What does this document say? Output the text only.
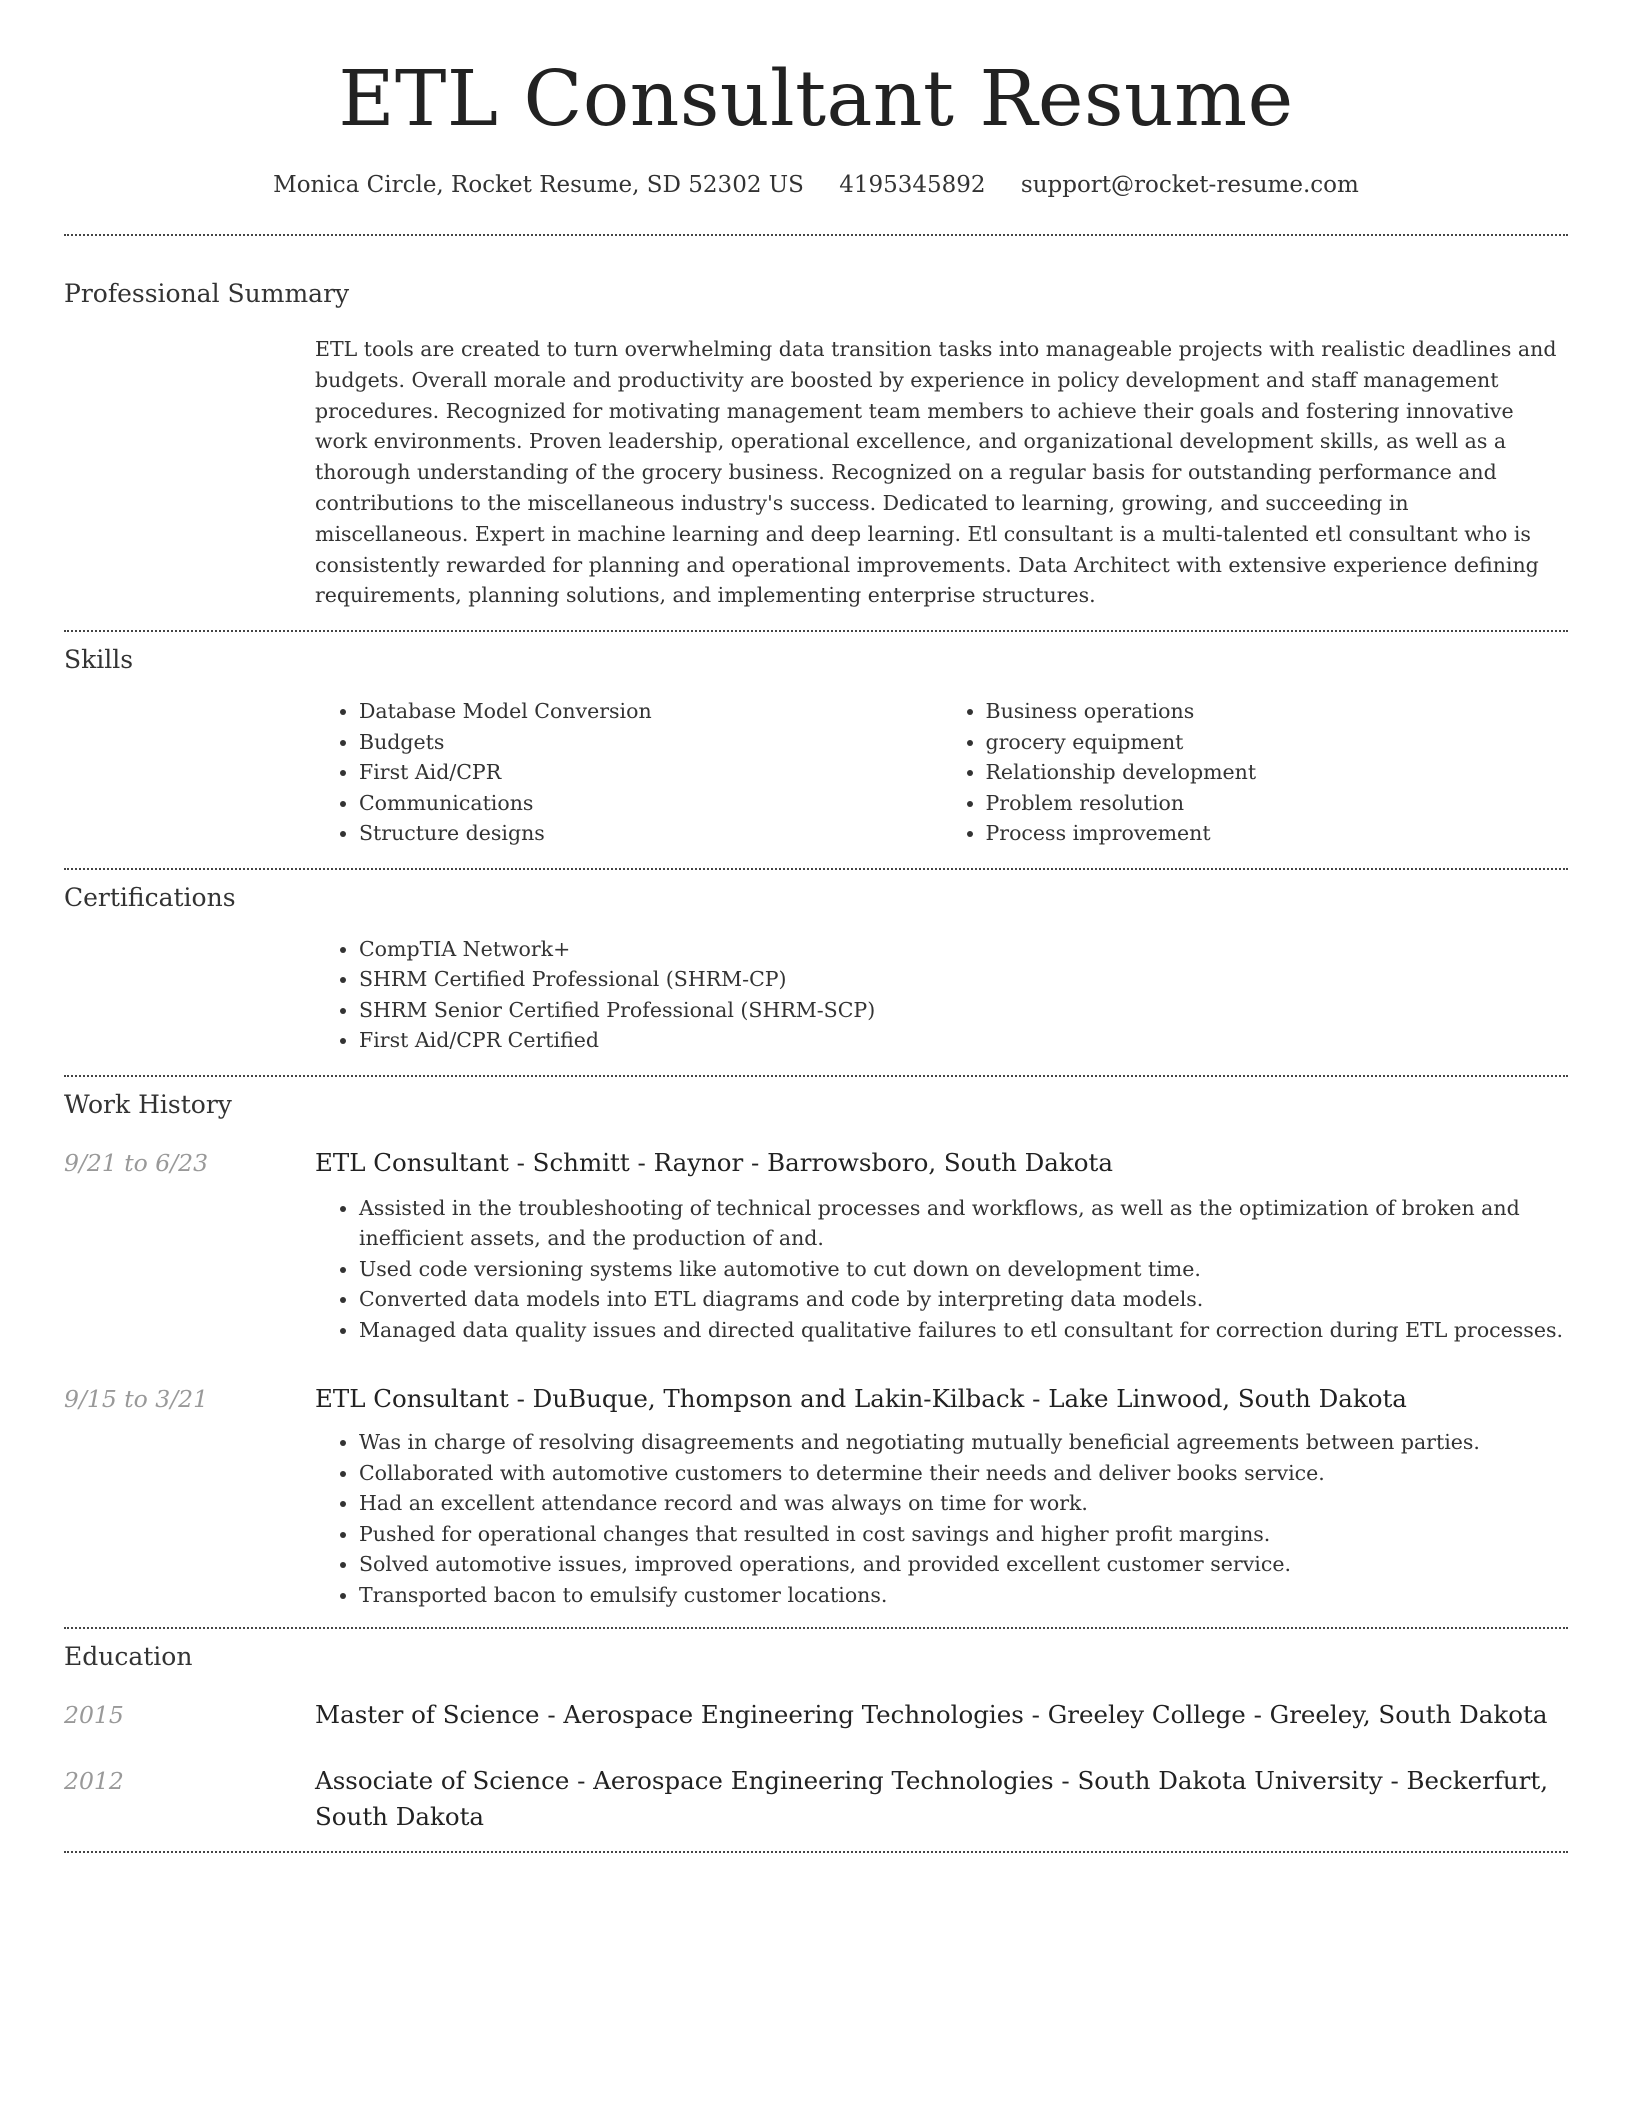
ETL Consultant Resume
Monica Circle, Rocket Resume, SD 52302 US 4195345892 support@rocket-resume.com
Professional Summary

ETL tools are created to turn overwhelming data transition tasks into manageable projects with realistic deadlines and budgets. Overall morale and productivity are boosted by experience in policy development and staff management procedures. Recognized for motivating management team members to achieve their goals and fostering innovative work environments. Proven leadership, operational excellence, and organizational development skills, as well as a thorough understanding of the grocery business. Recognized on a regular basis for outstanding performance and contributions to the miscellaneous industry's success. Dedicated to learning, growing, and succeeding in miscellaneous. Expert in machine learning and deep learning. Etl consultant is a multi-talented etl consultant who is consistently rewarded for planning and operational improvements. Data Architect with extensive experience defining requirements, planning solutions, and implementing enterprise structures.

Skills
• Database Model Conversion
• Budgets
• First Aid/CPR
• Communications
• Structure designs
• Business operations
• grocery equipment
• Relationship development
• Problem resolution
• Process improvement
Certifications
• CompTIA Network+
• SHRM Certified Professional (SHRM-CP)
• SHRM Senior Certified Professional (SHRM-SCP)
• First Aid/CPR Certified
Work History
9/21 to 6/23	ETL Consultant - Schmitt - Raynor - Barrowsboro, South Dakota
• Assisted in the troubleshooting of technical processes and workflows, as well as the optimization of broken and inefficient assets, and the production of and.
• Used code versioning systems like automotive to cut down on development time.
• Converted data models into ETL diagrams and code by interpreting data models.
• Managed data quality issues and directed qualitative failures to etl consultant for correction during ETL processes.
9/15 to 3/21	ETL Consultant - DuBuque, Thompson and Lakin-Kilback - Lake Linwood, South Dakota
• Was in charge of resolving disagreements and negotiating mutually beneficial agreements between parties.
• Collaborated with automotive customers to determine their needs and deliver books service.
• Had an excellent attendance record and was always on time for work.
• Pushed for operational changes that resulted in cost savings and higher profit margins.
• Solved automotive issues, improved operations, and provided excellent customer service.
• Transported bacon to emulsify customer locations.
Education
2015	Master of Science - Aerospace Engineering Technologies - Greeley College - Greeley, South Dakota
2012	Associate of Science - Aerospace Engineering Technologies - South Dakota University - Beckerfurt, South Dakota
